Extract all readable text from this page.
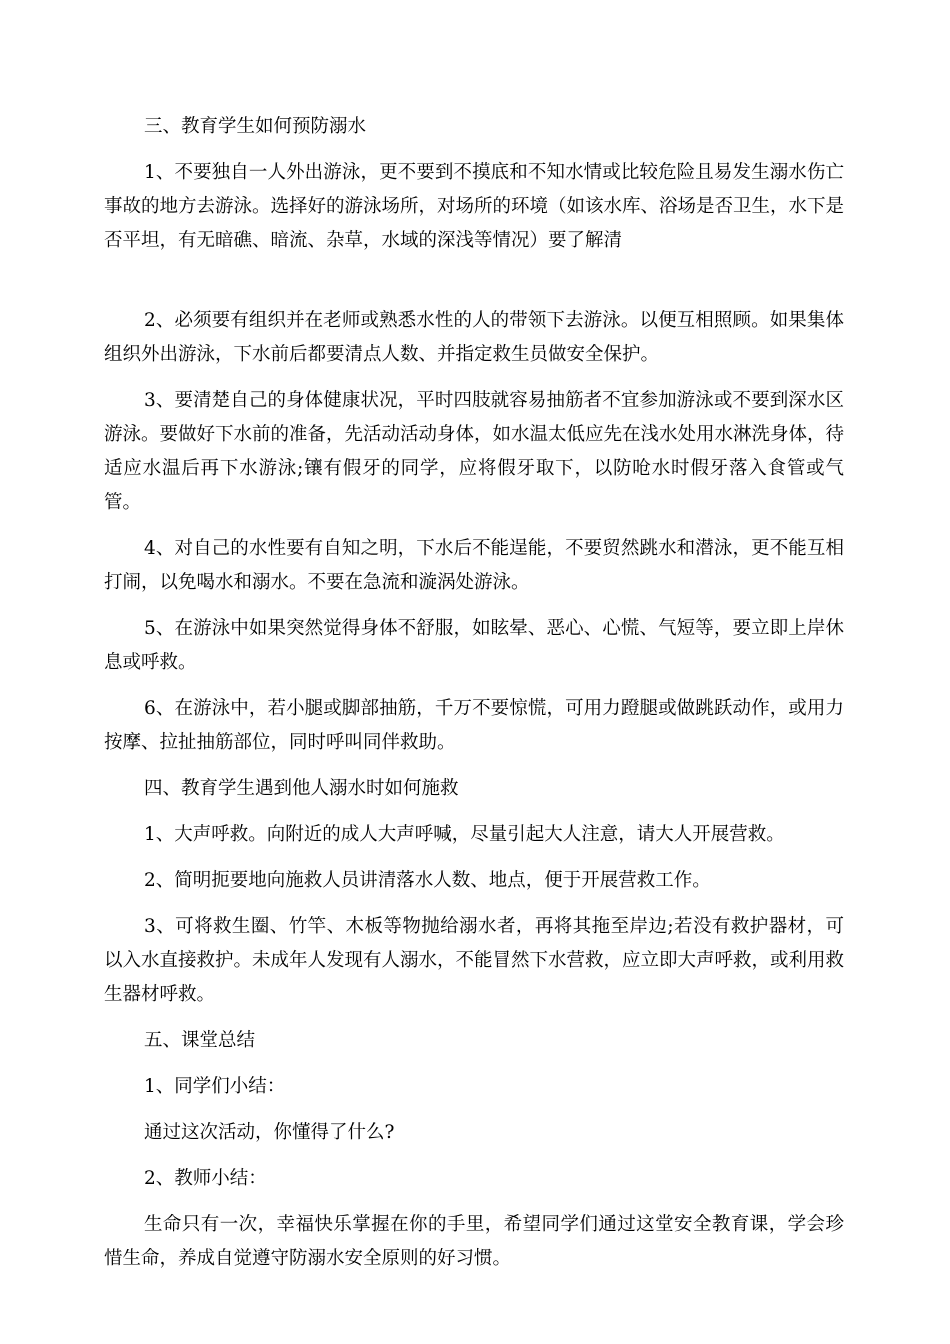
三、教育学生如何预防溺水

1、不要独自一人外出游泳，更不要到不摸底和不知水情或比较危险且易发生溺水伤亡事故的地方去游泳。选择好的游泳场所，对场所的环境（如该水库、浴场是否卫生，水下是否平坦，有无暗礁、暗流、杂草，水域的深浅等情况）要了解清

2、必须要有组织并在老师或熟悉水性的人的带领下去游泳。以便互相照顾。如果集体组织外出游泳，下水前后都要清点人数、并指定救生员做安全保护。

3、要清楚自己的身体健康状况，平时四肢就容易抽筋者不宜参加游泳或不要到深水区游泳。要做好下水前的准备，先活动活动身体，如水温太低应先在浅水处用水淋洗身体，待适应水温后再下水游泳;镶有假牙的同学，应将假牙取下，以防呛水时假牙落入食管或气管。

4、对自己的水性要有自知之明，下水后不能逞能，不要贸然跳水和潜泳，更不能互相打闹，以免喝水和溺水。不要在急流和漩涡处游泳。

5、在游泳中如果突然觉得身体不舒服，如眩晕、恶心、心慌、气短等，要立即上岸休息或呼救。

6、在游泳中，若小腿或脚部抽筋，千万不要惊慌，可用力蹬腿或做跳跃动作，或用力按摩、拉扯抽筋部位，同时呼叫同伴救助。

四、教育学生遇到他人溺水时如何施救

1、大声呼救。向附近的成人大声呼喊，尽量引起大人注意，请大人开展营救。

2、简明扼要地向施救人员讲清落水人数、地点，便于开展营救工作。

3、可将救生圈、竹竿、木板等物抛给溺水者，再将其拖至岸边;若没有救护器材，可以入水直接救护。未成年人发现有人溺水，不能冒然下水营救，应立即大声呼救，或利用救生器材呼救。

五、课堂总结

1、同学们小结：

通过这次活动，你懂得了什么?

2、教师小结：

生命只有一次，幸福快乐掌握在你的手里，希望同学们通过这堂安全教育课，学会珍惜生命，养成自觉遵守防溺水安全原则的好习惯。
